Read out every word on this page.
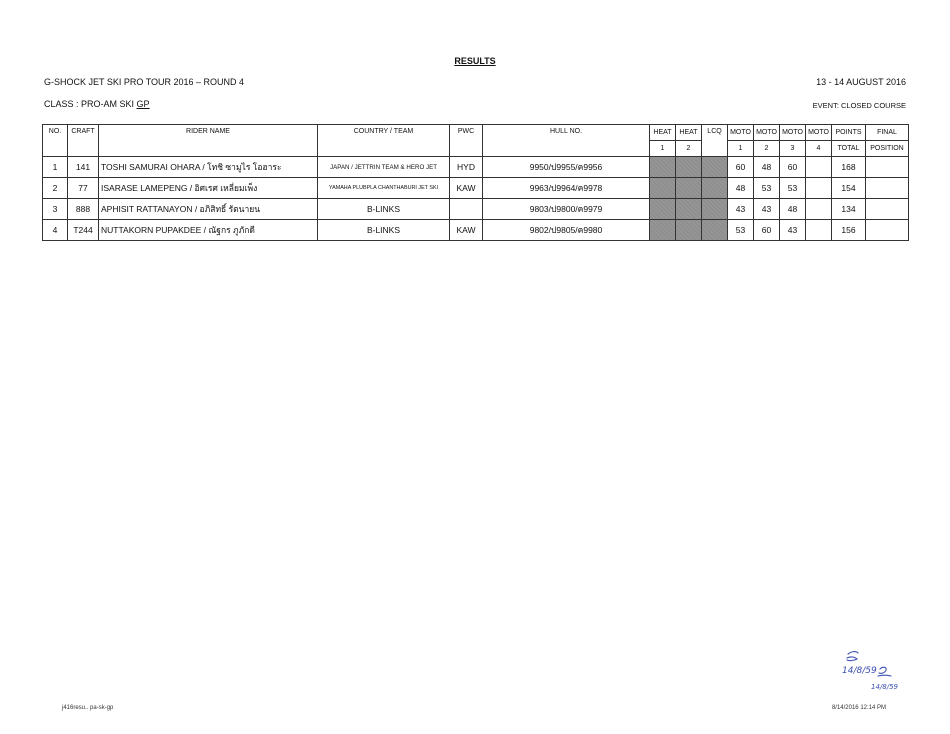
RESULTS
G-SHOCK JET SKI PRO TOUR 2016 – ROUND 4	13 - 14 AUGUST 2016
CLASS : PRO-AM SKI GP	EVENT: CLOSED COURSE
NO.	CRAFT	RIDER NAME	COUNTRY / TEAM	PWC	HULL NO.	HEAT	HEAT	LCQ	MOTO	MOTO	MOTO	MOTO	POINTS	FINAL
						1	2		1	2	3	4	TOTAL	POSITION
1	141	TOSHI SAMURAI OHARA / โทชิ ซามูไร โอฮาระ	JAPAN / JETTRIN TEAM & HERO JET	HYD	9950/ป9955/ค9956				60	48	60		168	
2	77	ISARASE LAMEPENG / อิศเรศ เหลี่ยมเพ็ง	YAMAHA PLUBPLA CHANTHABURI JET SKI	KAW	9963/ป9964/ค9978				48	53	53		154	
3	888	APHISIT RATTANAYON / อภิสิทธิ์ รัตนายน	B-LINKS		9803/ป9800/ค9979				43	43	48		134	
4	T244	NUTTAKORN PUPAKDEE / ณัฐกร ภูภักดี	B-LINKS	KAW	9802/ป9805/ค9980				53	60	43		156	
14/8/59
14/8/59
j416resu.. pa-sk-gp	8/14/2016 12:14 PM
